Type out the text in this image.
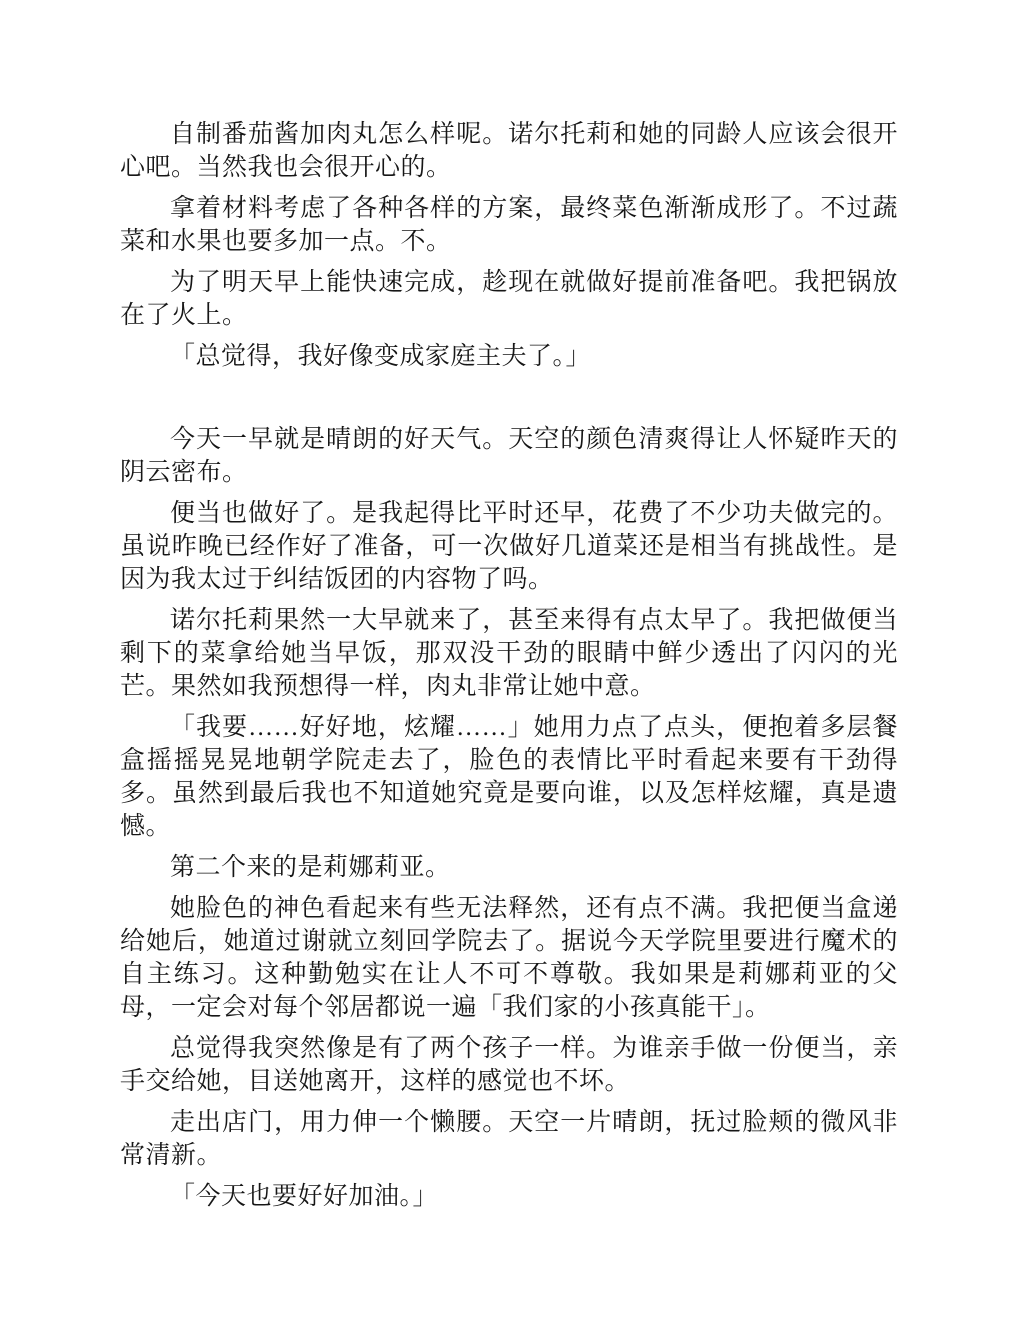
自制番茄酱加肉丸怎么样呢。诺尔托莉和她的同龄人应该会很开心吧。当然我也会很开心的。

拿着材料考虑了各种各样的方案，最终菜色渐渐成形了。不过蔬菜和水果也要多加一点。不。

为了明天早上能快速完成，趁现在就做好提前准备吧。我把锅放在了火上。

「总觉得，我好像变成家庭主夫了。」

今天一早就是晴朗的好天气。天空的颜色清爽得让人怀疑昨天的阴云密布。

便当也做好了。是我起得比平时还早，花费了不少功夫做完的。虽说昨晚已经作好了准备，可一次做好几道菜还是相当有挑战性。是因为我太过于纠结饭团的内容物了吗。

诺尔托莉果然一大早就来了，甚至来得有点太早了。我把做便当剩下的菜拿给她当早饭，那双没干劲的眼睛中鲜少透出了闪闪的光芒。果然如我预想得一样，肉丸非常让她中意。

「我要……好好地，炫耀……」她用力点了点头，便抱着多层餐盒摇摇晃晃地朝学院走去了，脸色的表情比平时看起来要有干劲得多。虽然到最后我也不知道她究竟是要向谁，以及怎样炫耀，真是遗憾。

第二个来的是莉娜莉亚。

她脸色的神色看起来有些无法释然，还有点不满。我把便当盒递给她后，她道过谢就立刻回学院去了。据说今天学院里要进行魔术的自主练习。这种勤勉实在让人不可不尊敬。我如果是莉娜莉亚的父母，一定会对每个邻居都说一遍「我们家的小孩真能干」。

总觉得我突然像是有了两个孩子一样。为谁亲手做一份便当，亲手交给她，目送她离开，这样的感觉也不坏。

走出店门，用力伸一个懒腰。天空一片晴朗，抚过脸颊的微风非常清新。

「今天也要好好加油。」
